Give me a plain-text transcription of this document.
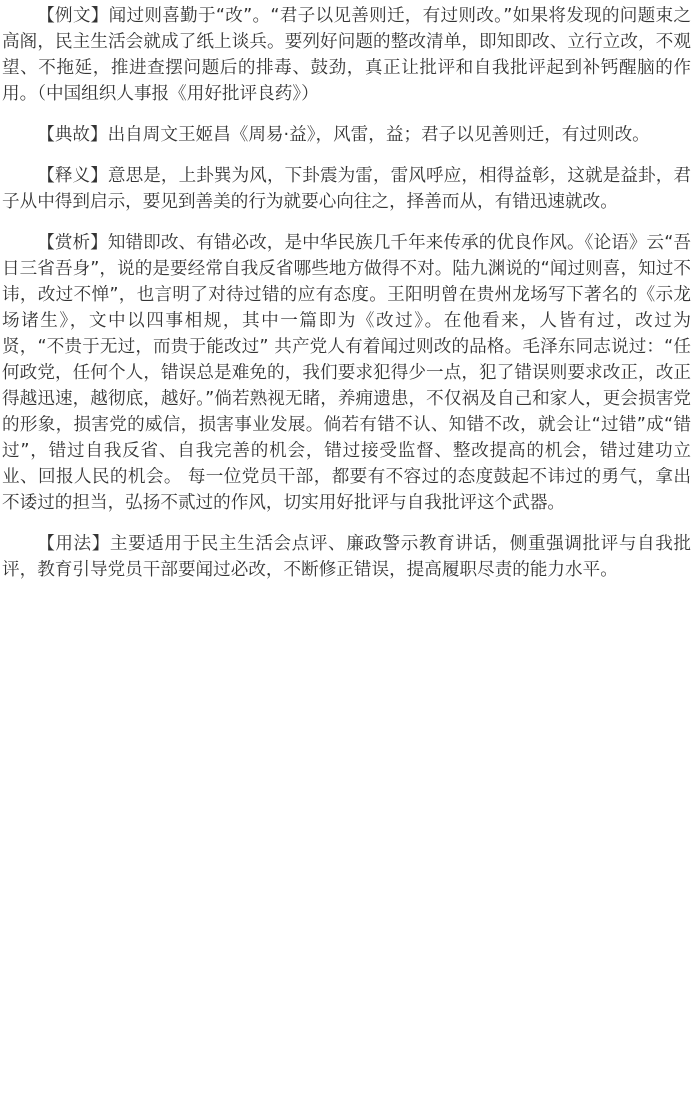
【例文】闻过则喜勤于“改”。“君子以见善则迁，有过则改。”如果将发现的问题束之高阁，民主生活会就成了纸上谈兵。要列好问题的整改清单，即知即改、立行立改，不观望、不拖延，推进查摆问题后的排毒、鼓劲，真正让批评和自我批评起到补钙醒脑的作用。（中国组织人事报《用好批评良药》）

【典故】出自周文王姬昌《周易·益》，风雷，益；君子以见善则迁，有过则改。

【释义】意思是，上卦巽为风，下卦震为雷，雷风呼应，相得益彰，这就是益卦，君子从中得到启示，要见到善美的行为就要心向往之，择善而从，有错迅速就改。

【赏析】知错即改、有错必改，是中华民族几千年来传承的优良作风。《论语》云“吾日三省吾身”，说的是要经常自我反省哪些地方做得不对。陆九渊说的“闻过则喜，知过不讳，改过不惮”，也言明了对待过错的应有态度。王阳明曾在贵州龙场写下著名的《示龙场诸生》，文中以四事相规，其中一篇即为《改过》。在他看来，人皆有过，改过为贤，“不贵于无过，而贵于能改过” 共产党人有着闻过则改的品格。毛泽东同志说过：“任何政党，任何个人，错误总是难免的，我们要求犯得少一点，犯了错误则要求改正，改正得越迅速，越彻底，越好。”倘若熟视无睹，养痈遗患，不仅祸及自己和家人，更会损害党的形象，损害党的威信，损害事业发展。倘若有错不认、知错不改，就会让“过错”成“错过”，错过自我反省、自我完善的机会，错过接受监督、整改提高的机会，错过建功立业、回报人民的机会。 每一位党员干部，都要有不容过的态度鼓起不讳过的勇气，拿出不诿过的担当，弘扬不贰过的作风，切实用好批评与自我批评这个武器。

【用法】主要适用于民主生活会点评、廉政警示教育讲话，侧重强调批评与自我批评，教育引导党员干部要闻过必改，不断修正错误，提高履职尽责的能力水平。
